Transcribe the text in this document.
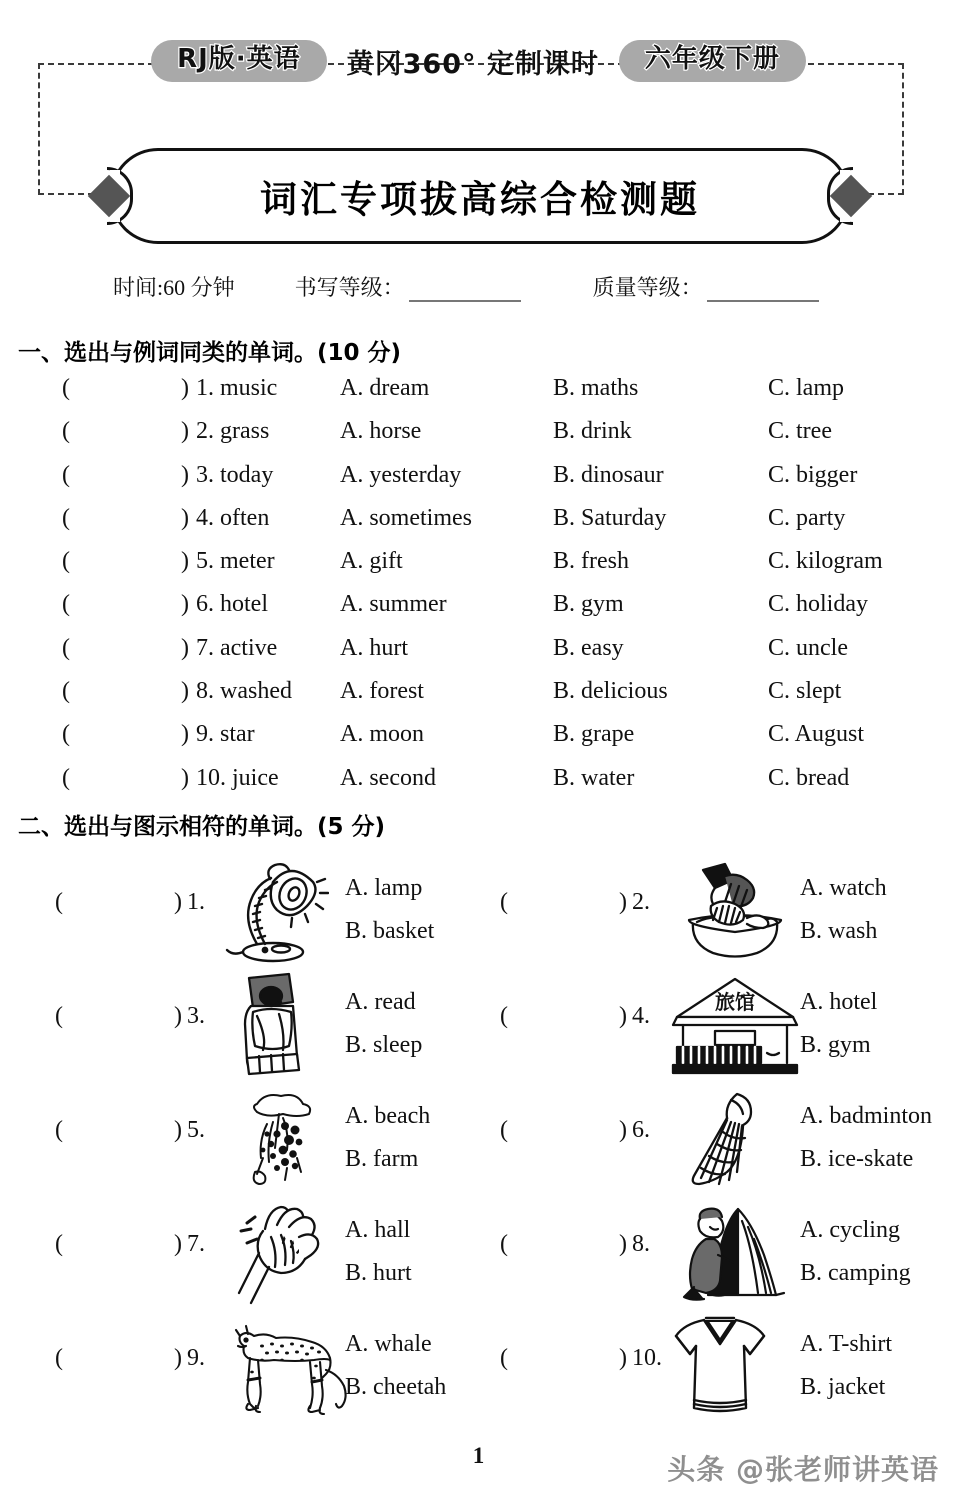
RJ版·英语	黄冈360° 定制课时	六年级下册
词汇专项拔高综合检测题
时间:60 分钟	书写等级：	质量等级：
一、选出与例词同类的单词。(10 分)
(	) 1. music	A. dream	B. maths	C. lamp
(	) 2. grass	A. horse	B. drink	C. tree
(	) 3. today	A. yesterday	B. dinosaur	C. bigger
(	) 4. often	A. sometimes	B. Saturday	C. party
(	) 5. meter	A. gift	B. fresh	C. kilogram
(	) 6. hotel	A. summer	B. gym	C. holiday
(	) 7. active	A. hurt	B. easy	C. uncle
(	) 8. washed A. forest	B. delicious	C. slept
(	) 9. star	A. moon	B. grape	C. August
(	) 10. juice	A. second	B. water	C. bread
二、选出与图示相符的单词。(5 分)
(	) 1.
A. lamp
B. basket
(	) 2.
A. watch
B. wash
(	) 3.
A. read
B. sleep
(	) 4.
旅馆 A. hotel
B. gym
(	) 5.
A. beach
B. farm
(	) 6.
A. badminton
B. ice-skate
(	) 7.
A. hall
B. hurt
(	) 8.
A. cycling
B. camping
(	) 9.
A. whale
B. cheetah
(	) 10.
A. T-shirt
B. jacket
1	头条 @张老师讲英语
